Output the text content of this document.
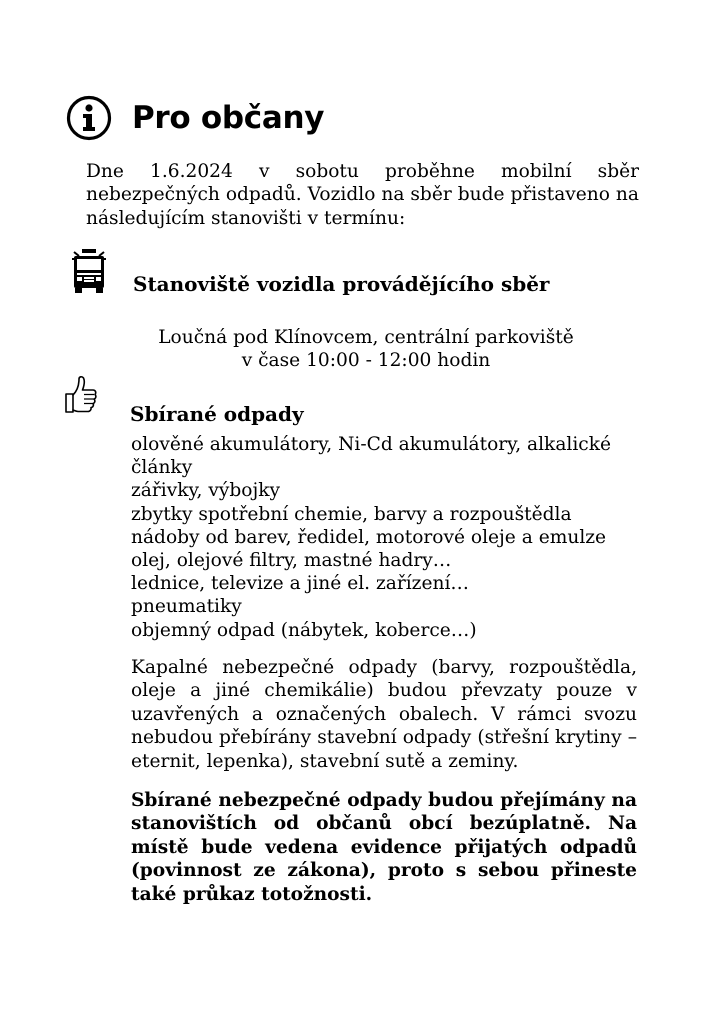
Pro občany
Dne 1.6.2024 v sobotu proběhne mobilní sběr nebezpečných odpadů. Vozidlo na sběr bude přistaveno na následujícím stanovišti v termínu:
Stanoviště vozidla provádějícího sběr
Loučná pod Klínovcem, centrální parkoviště
v čase 10:00 - 12:00 hodin
Sbírané odpady
olověné akumulátory, Ni-Cd akumulátory, alkalické články
zářivky, výbojky
zbytky spotřební chemie, barvy a rozpouštědla
nádoby od barev, ředidel, motorové oleje a emulze
olej, olejové filtry, mastné hadry…
lednice, televize a jiné el. zařízení…
pneumatiky
objemný odpad (nábytek, koberce…)
Kapalné nebezpečné odpady (barvy, rozpouštědla, oleje a jiné chemikálie) budou převzaty pouze v uzavřených a označených obalech. V rámci svozu nebudou přebírány stavební odpady (střešní krytiny – eternit, lepenka), stavební sutě a zeminy.
Sbírané nebezpečné odpady budou přejímány na stanovištích od občanů obcí bezúplatně. Na místě bude vedena evidence přijatých odpadů (povinnost ze zákona), proto s sebou přineste také průkaz totožnosti.
